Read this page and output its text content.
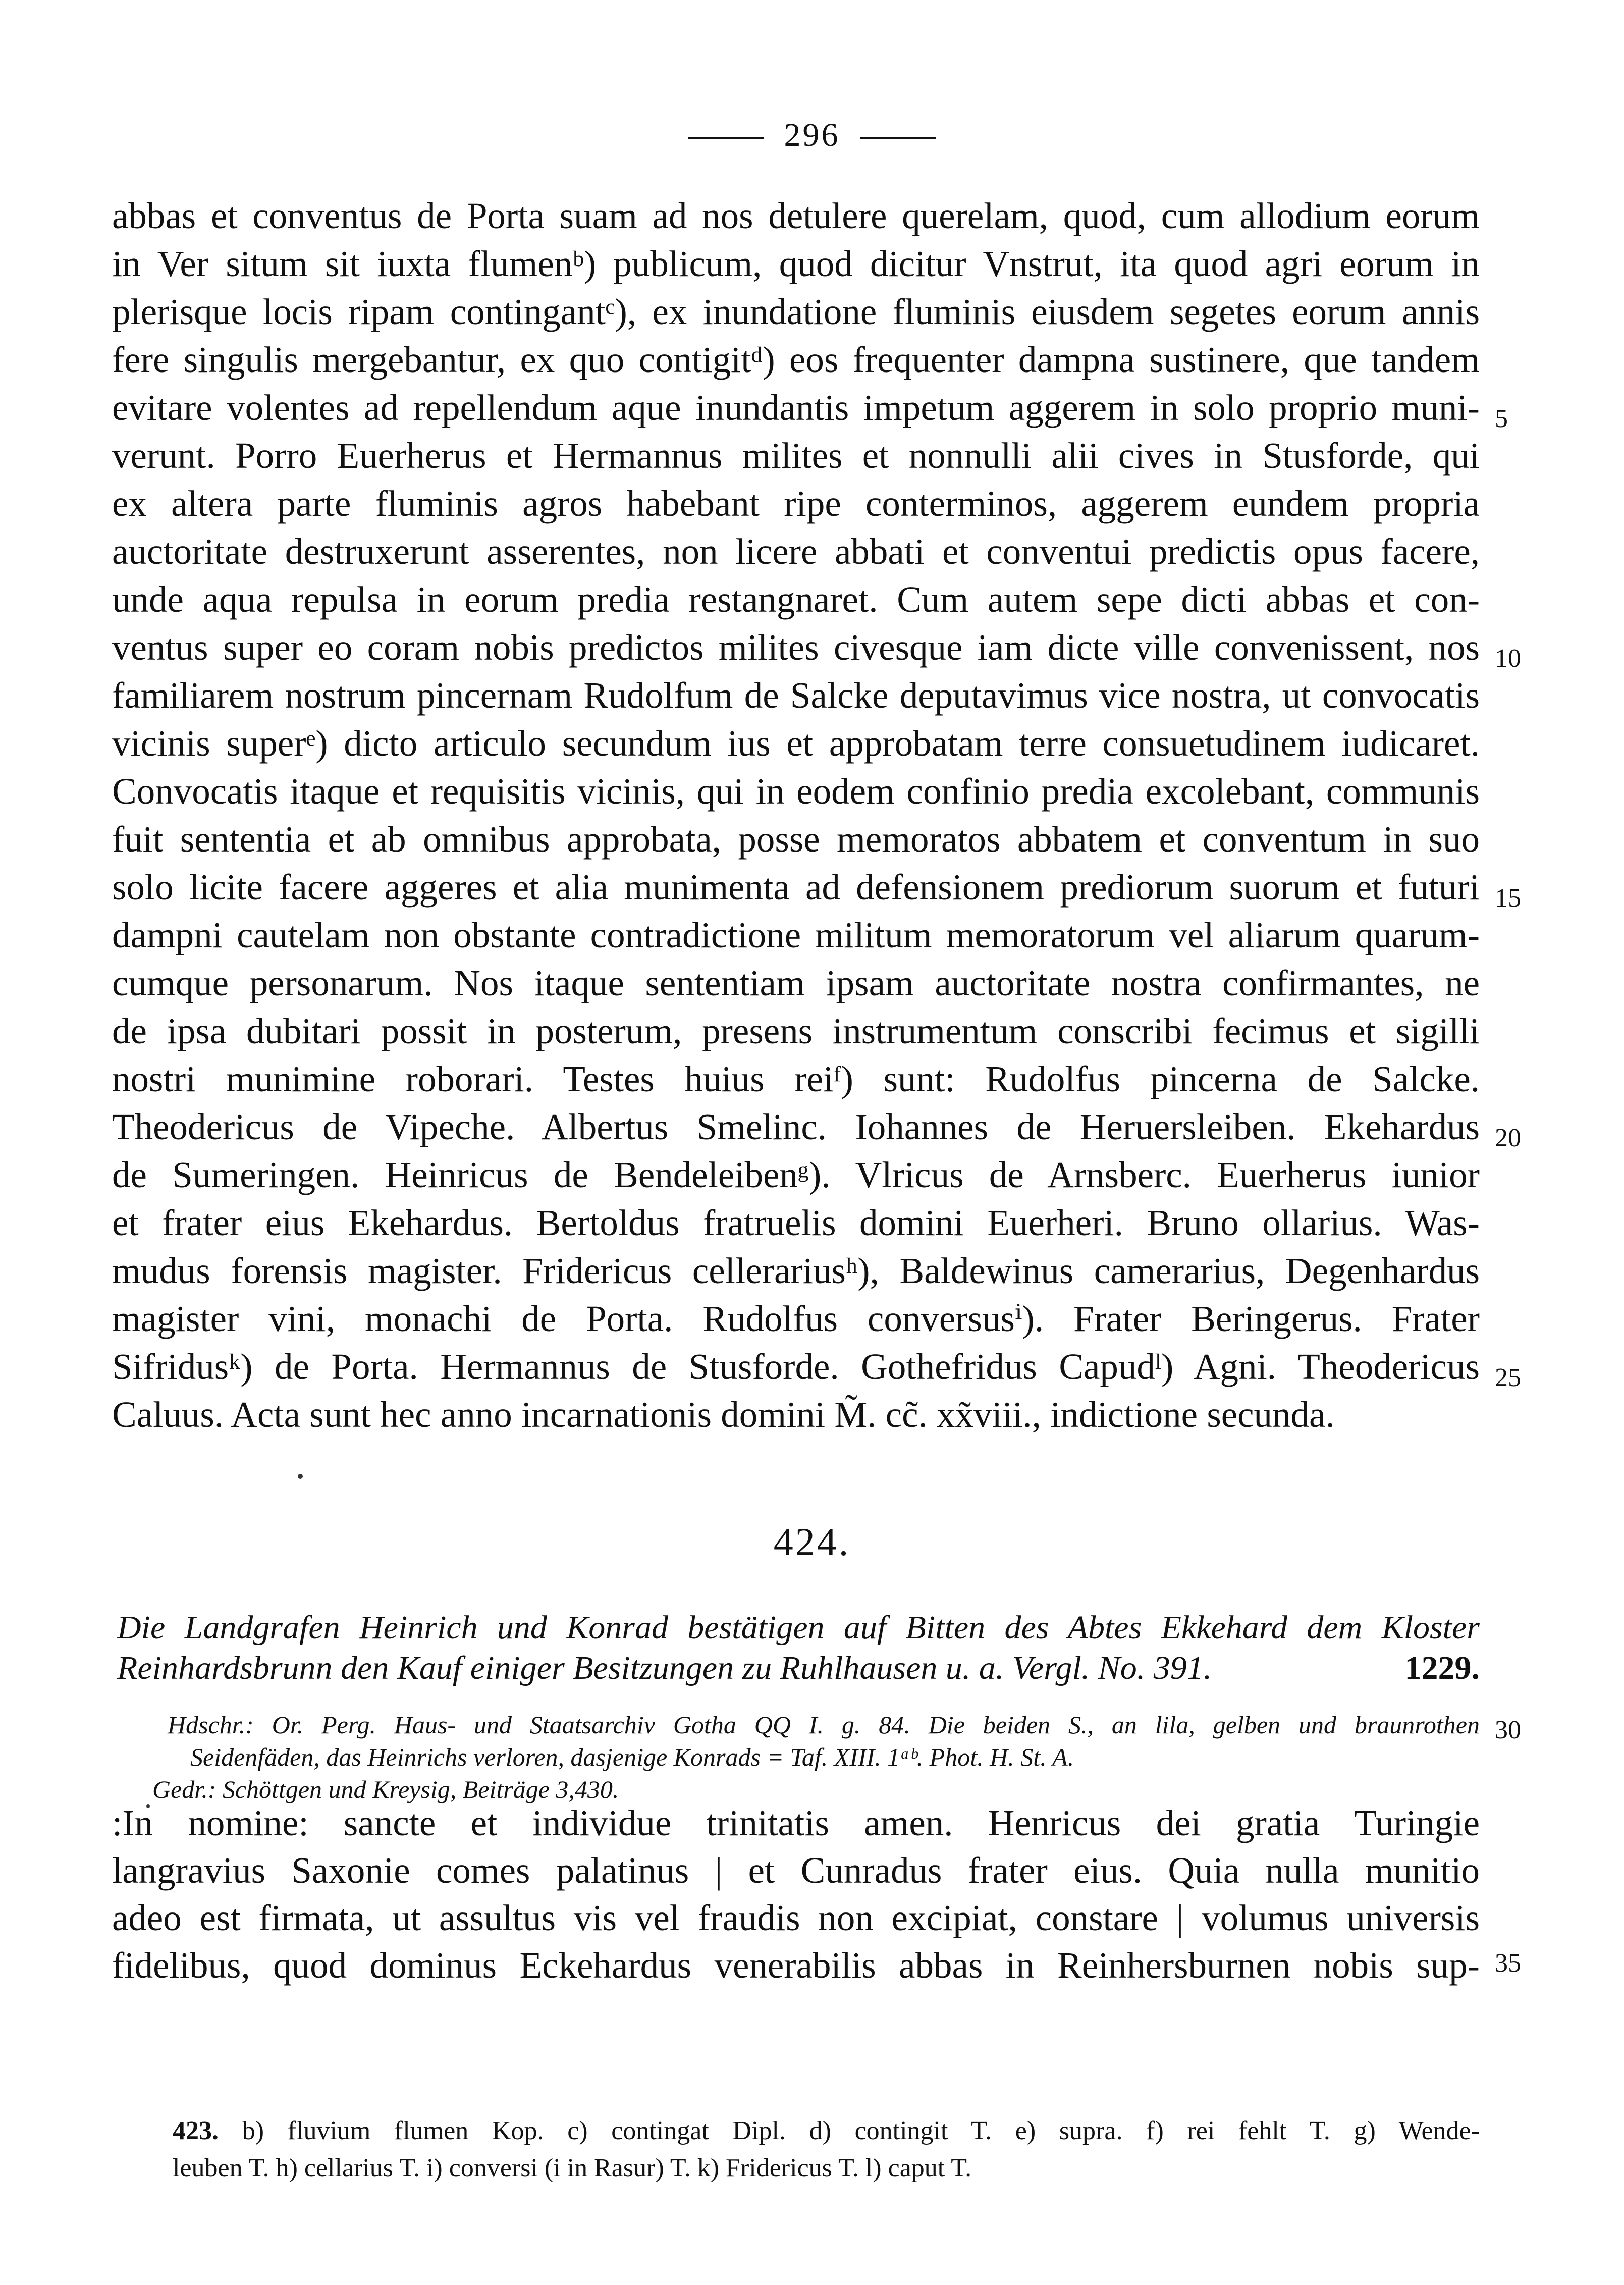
296
abbas et conventus de Porta suam ad nos detulere querelam, quod, cum allodium eorum
in Ver situm sit iuxta flumenᵇ) publicum, quod dicitur Vnstrut, ita quod agri eorum in
plerisque locis ripam contingantᶜ), ex inundatione fluminis eiusdem segetes eorum annis
fere singulis mergebantur, ex quo contigitᵈ) eos frequenter dampna sustinere, que tandem
evitare volentes ad repellendum aque inundantis impetum aggerem in solo proprio muni-
verunt. Porro Euerherus et Hermannus milites et nonnulli alii cives in Stusforde, qui
ex altera parte fluminis agros habebant ripe conterminos, aggerem eundem propria
auctoritate destruxerunt asserentes, non licere abbati et conventui predictis opus facere,
unde aqua repulsa in eorum predia restangnaret. Cum autem sepe dicti abbas et con-
ventus super eo coram nobis predictos milites civesque iam dicte ville convenissent, nos
familiarem nostrum pincernam Rudolfum de Salcke deputavimus vice nostra, ut convocatis
vicinis superᵉ) dicto articulo secundum ius et approbatam terre consuetudinem iudicaret.
Convocatis itaque et requisitis vicinis, qui in eodem confinio predia excolebant, communis
fuit sententia et ab omnibus approbata, posse memoratos abbatem et conventum in suo
solo licite facere aggeres et alia munimenta ad defensionem prediorum suorum et futuri
dampni cautelam non obstante contradictione militum memoratorum vel aliarum quarum-
cumque personarum. Nos itaque sententiam ipsam auctoritate nostra confirmantes, ne
de ipsa dubitari possit in posterum, presens instrumentum conscribi fecimus et sigilli
nostri munimine roborari. Testes huius reiᶠ) sunt: Rudolfus pincerna de Salcke.
Theodericus de Vipeche. Albertus Smelinc. Iohannes de Heruersleiben. Ekehardus
de Sumeringen. Heinricus de Bendeleibenᵍ). Vlricus de Arnsberc. Euerherus iunior
et frater eius Ekehardus. Bertoldus fratruelis domini Euerheri. Bruno ollarius. Was-
mudus forensis magister. Fridericus cellerariusʰ), Baldewinus camerarius, Degenhardus
magister vini, monachi de Porta. Rudolfus conversusⁱ). Frater Beringerus. Frater
Sifridusᵏ) de Porta. Hermannus de Stusforde. Gothefridus Capudˡ) Agni. Theodericus
Caluus. Acta sunt hec anno incarnationis domini M̃. cc̃. xx̃viii., indictione secunda.
5
10
15
20
25
424.
Die Landgrafen Heinrich und Konrad bestätigen auf Bitten des Abtes Ekkehard dem Kloster
Reinhardsbrunn den Kauf einiger Besitzungen zu Ruhlhausen u. a. Vergl. No. 391.	1229.
Hdschr.: Or. Perg. Haus- und Staatsarchiv Gotha QQ I. g. 84. Die beiden S., an lila, gelben und braunrothen
Seidenfäden, das Heinrichs verloren, dasjenige Konrads = Taf. XIII. 1ᵃᵇ. Phot. H. St. A.
Gedr.: Schöttgen und Kreysig, Beiträge 3,430.
30
:In nomine: sancte et individue trinitatis amen. Henricus dei gratia Turingie
langravius Saxonie comes palatinus | et Cunradus frater eius. Quia nulla munitio
adeo est firmata, ut assultus vis vel fraudis non excipiat, constare | volumus universis
fidelibus, quod dominus Eckehardus venerabilis abbas in Reinhersburnen nobis sup- 35
423. b) fluvium flumen Kop. c) contingat Dipl. d) contingit T. e) supra. f) rei fehlt T. g) Wende-
leuben T. h) cellarius T. i) conversi (i in Rasur) T. k) Fridericus T. l) caput T.
